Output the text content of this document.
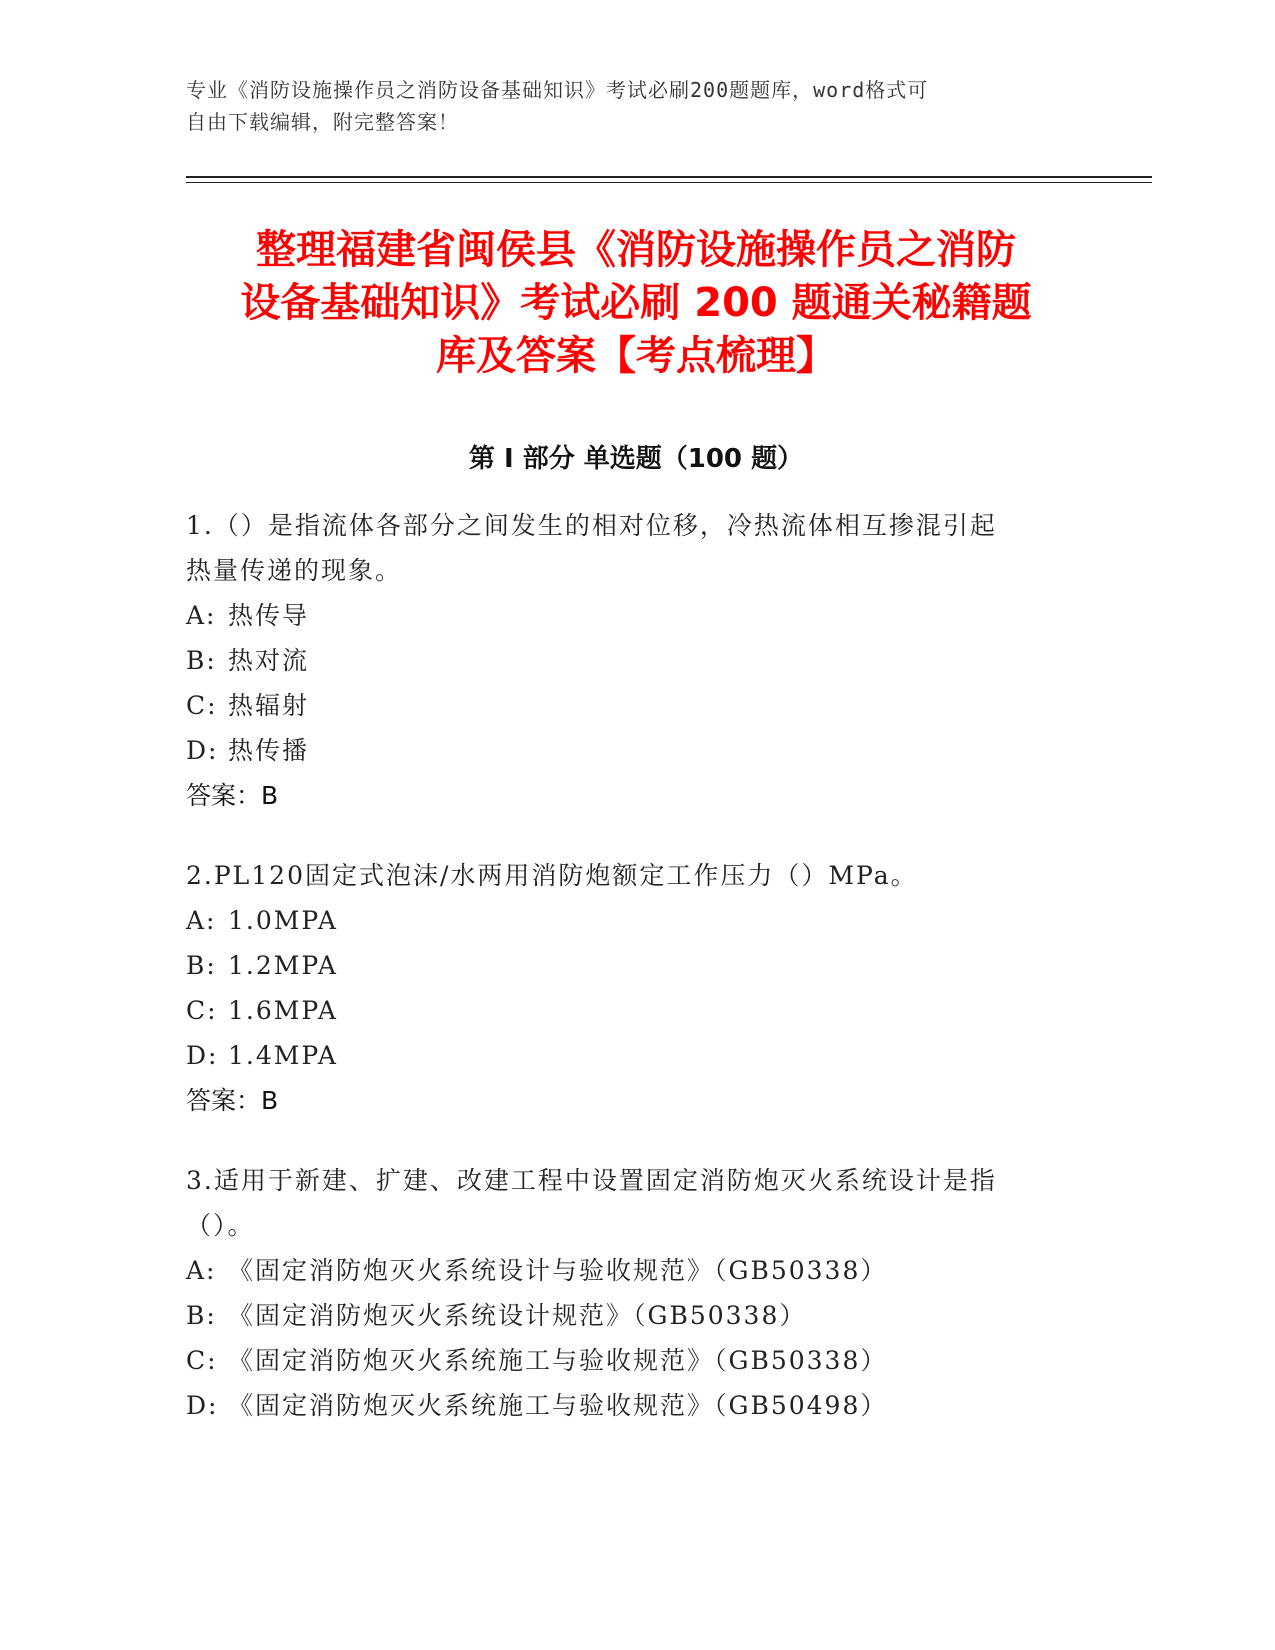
专业《消防设施操作员之消防设备基础知识》考试必刷200题题库，word格式可
自由下载编辑，附完整答案！
整理福建省闽侯县《消防设施操作员之消防
设备基础知识》考试必刷 200 题通关秘籍题
库及答案【考点梳理】
第 I 部分 单选题（100 题）

1.（）是指流体各部分之间发生的相对位移，冷热流体相互掺混引起

热量传递的现象。

A: 热传导

B: 热对流

C: 热辐射

D: 热传播

答案：B

2.PL120固定式泡沫/水两用消防炮额定工作压力（）MPa。

A: 1.0MPA

B: 1.2MPA

C: 1.6MPA

D: 1.4MPA

答案：B

3.适用于新建、扩建、改建工程中设置固定消防炮灭火系统设计是指

（）。

A: 《固定消防炮灭火系统设计与验收规范》（GB50338）

B: 《固定消防炮灭火系统设计规范》（GB50338）

C: 《固定消防炮灭火系统施工与验收规范》（GB50338）

D: 《固定消防炮灭火系统施工与验收规范》（GB50498）
